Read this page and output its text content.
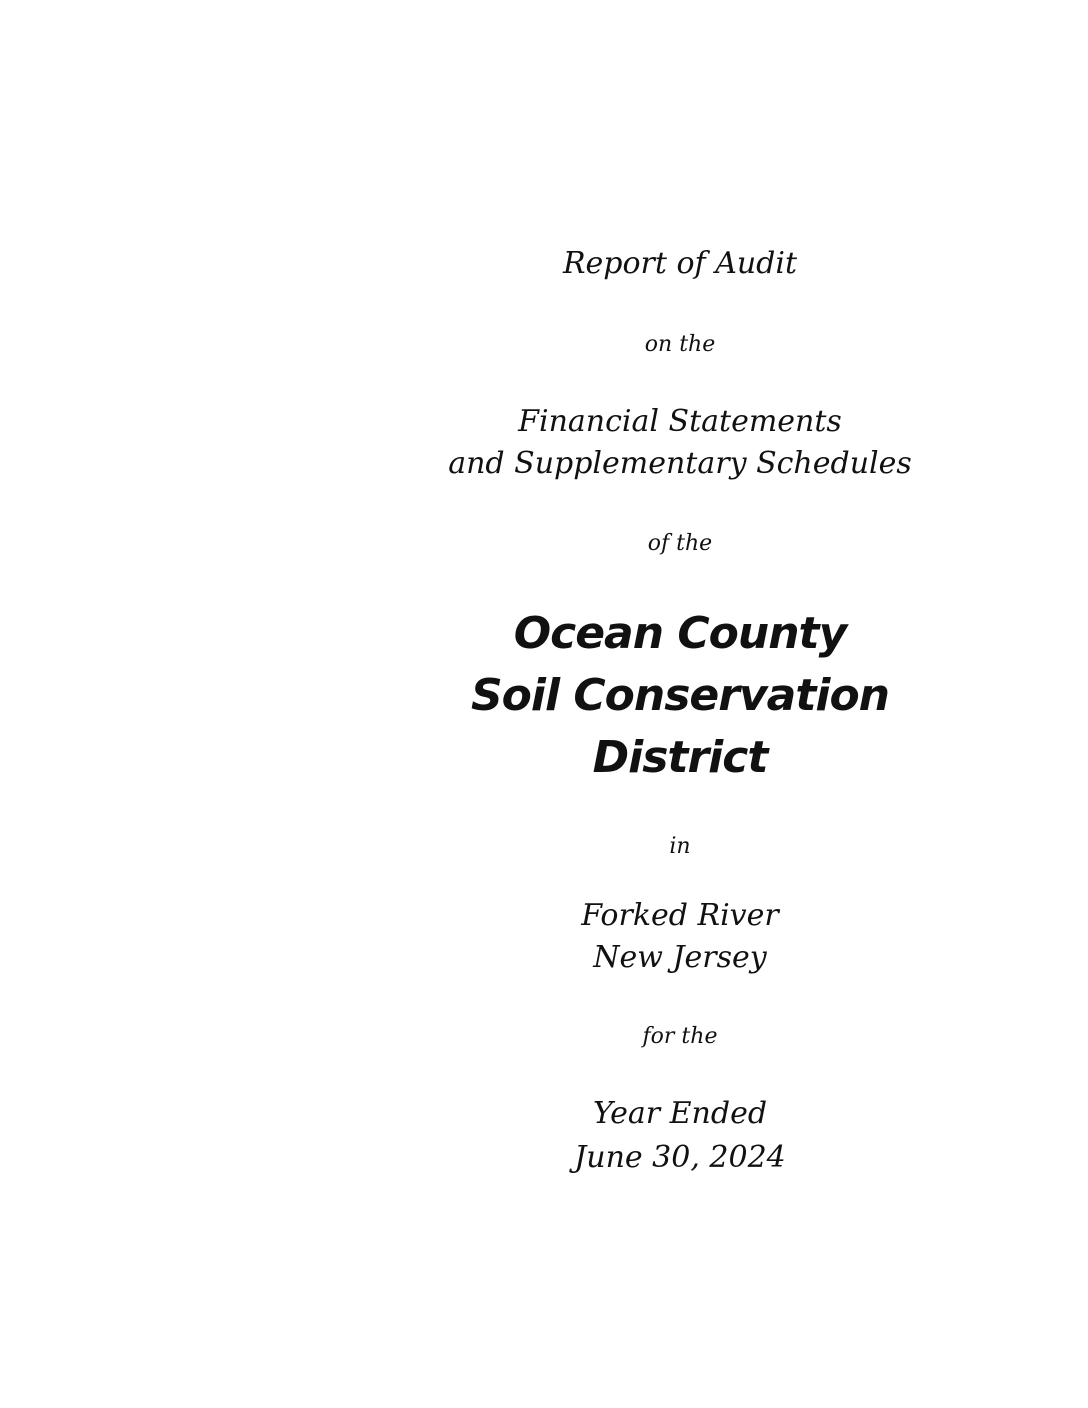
Report of Audit
on the
Financial Statements
and Supplementary Schedules
of the
Ocean County
Soil Conservation
District
in
Forked River
New Jersey
for the
Year Ended
June 30, 2024
